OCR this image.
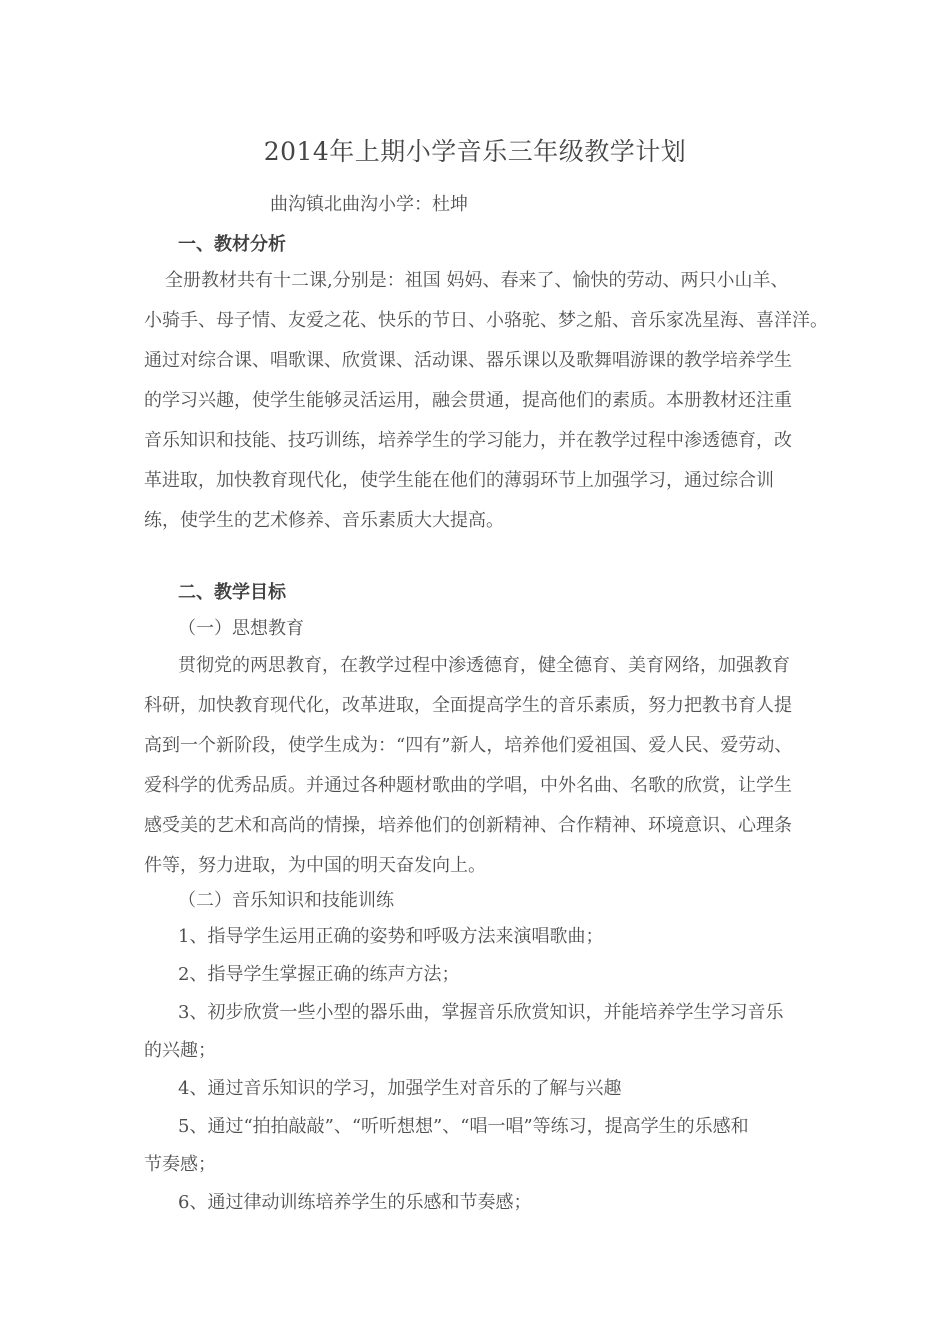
2014年上期小学音乐三年级教学计划
曲沟镇北曲沟小学：杜坤
一、教材分析
全册教材共有十二课,分别是：祖国 妈妈、春来了、愉快的劳动、两只小山羊、
小骑手、母子情、友爱之花、快乐的节日、小骆驼、梦之船、音乐家冼星海、喜洋洋。
通过对综合课、唱歌课、欣赏课、活动课、器乐课以及歌舞唱游课的教学培养学生
的学习兴趣，使学生能够灵活运用，融会贯通，提高他们的素质。本册教材还注重
音乐知识和技能、技巧训练，培养学生的学习能力，并在教学过程中渗透德育，改
革进取，加快教育现代化，使学生能在他们的薄弱环节上加强学习，通过综合训
练，使学生的艺术修养、音乐素质大大提高。
二、教学目标
（一）思想教育
贯彻党的两思教育，在教学过程中渗透德育，健全德育、美育网络，加强教育
科研，加快教育现代化，改革进取，全面提高学生的音乐素质，努力把教书育人提
高到一个新阶段，使学生成为：“四有”新人，培养他们爱祖国、爱人民、爱劳动、
爱科学的优秀品质。并通过各种题材歌曲的学唱，中外名曲、名歌的欣赏，让学生
感受美的艺术和高尚的情操，培养他们的创新精神、合作精神、环境意识、心理条
件等，努力进取，为中国的明天奋发向上。
（二）音乐知识和技能训练
1、指导学生运用正确的姿势和呼吸方法来演唱歌曲；
2、指导学生掌握正确的练声方法；
3、初步欣赏一些小型的器乐曲，掌握音乐欣赏知识，并能培养学生学习音乐
的兴趣；
4、通过音乐知识的学习，加强学生对音乐的了解与兴趣
5、通过“拍拍敲敲”、“听听想想”、“唱一唱”等练习，提高学生的乐感和
节奏感；
6、通过律动训练培养学生的乐感和节奏感；
